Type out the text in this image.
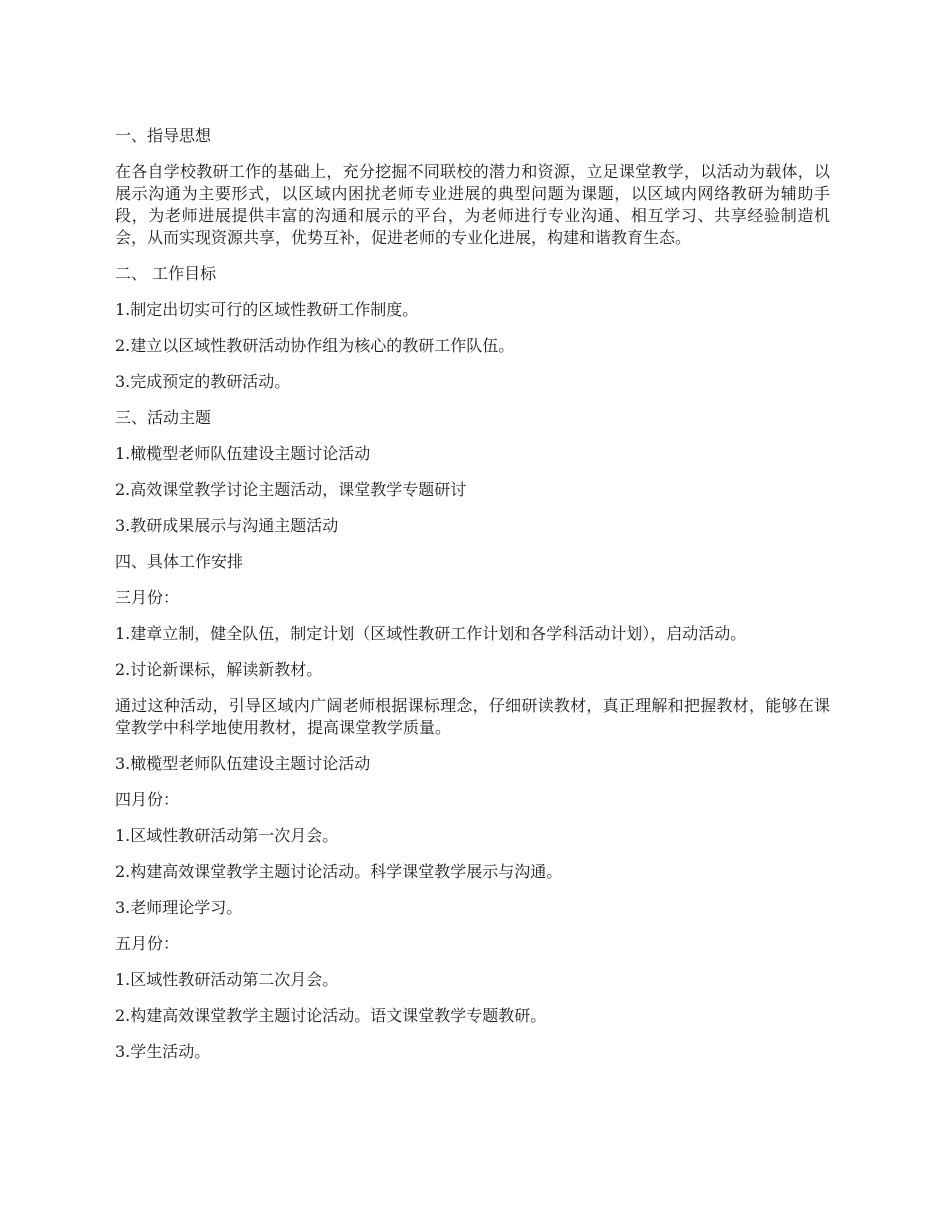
一、指导思想

在各自学校教研工作的基础上，充分挖掘不同联校的潜力和资源，立足课堂教学，以活动为载体，以展示沟通为主要形式，以区域内困扰老师专业进展的典型问题为课题，以区域内网络教研为辅助手段，为老师进展提供丰富的沟通和展示的平台，为老师进行专业沟通、相互学习、共享经验制造机会，从而实现资源共享，优势互补，促进老师的专业化进展，构建和谐教育生态。

二、 工作目标

1.制定出切实可行的区域性教研工作制度。

2.建立以区域性教研活动协作组为核心的教研工作队伍。

3.完成预定的教研活动。

三、活动主题

1.橄榄型老师队伍建设主题讨论活动

2.高效课堂教学讨论主题活动，课堂教学专题研讨

3.教研成果展示与沟通主题活动

四、具体工作安排

三月份：

1.建章立制，健全队伍，制定计划（区域性教研工作计划和各学科活动计划），启动活动。

2.讨论新课标，解读新教材。

通过这种活动，引导区域内广阔老师根据课标理念，仔细研读教材，真正理解和把握教材，能够在课堂教学中科学地使用教材，提高课堂教学质量。

3.橄榄型老师队伍建设主题讨论活动

四月份：

1.区域性教研活动第一次月会。

2.构建高效课堂教学主题讨论活动。科学课堂教学展示与沟通。

3.老师理论学习。

五月份：

1.区域性教研活动第二次月会。

2.构建高效课堂教学主题讨论活动。语文课堂教学专题教研。

3.学生活动。
